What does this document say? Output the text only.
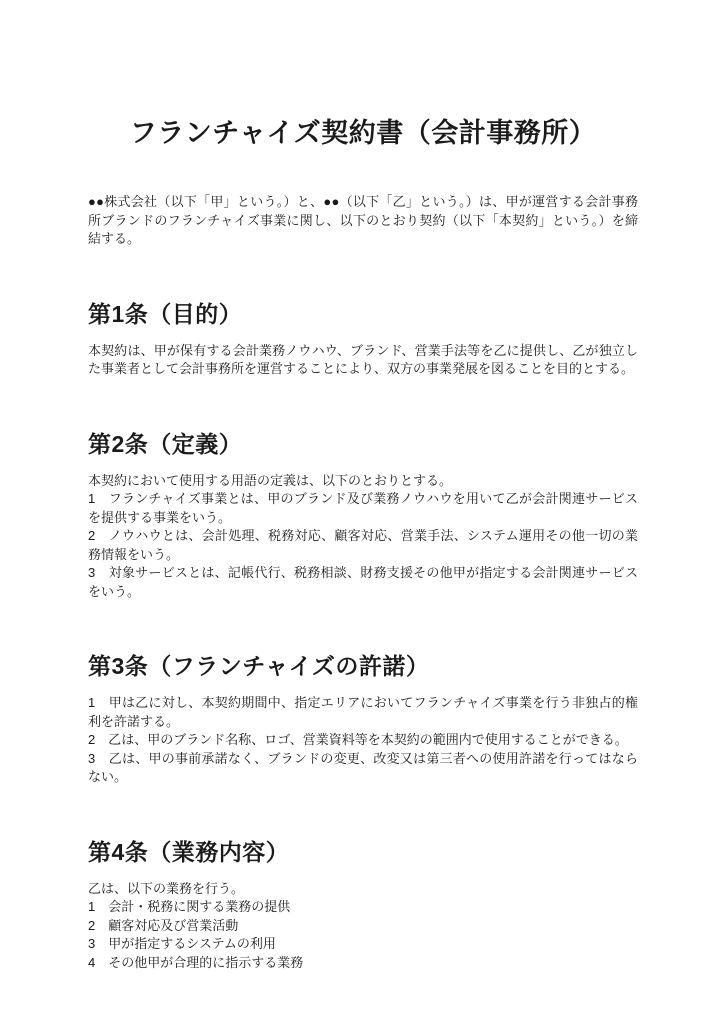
フランチャイズ契約書（会計事務所）

●●株式会社（以下「甲」という。）と、●●（以下「乙」という。）は、甲が運営する会計事務所ブランドのフランチャイズ事業に関し、以下のとおり契約（以下「本契約」という。）を締結する。

第1条（目的）

本契約は、甲が保有する会計業務ノウハウ、ブランド、営業手法等を乙に提供し、乙が独立した事業者として会計事務所を運営することにより、双方の事業発展を図ることを目的とする。

第2条（定義）

本契約において使用する用語の定義は、以下のとおりとする。

1　フランチャイズ事業とは、甲のブランド及び業務ノウハウを用いて乙が会計関連サービスを提供する事業をいう。

2　ノウハウとは、会計処理、税務対応、顧客対応、営業手法、システム運用その他一切の業務情報をいう。

3　対象サービスとは、記帳代行、税務相談、財務支援その他甲が指定する会計関連サービスをいう。

第3条（フランチャイズの許諾）

1　甲は乙に対し、本契約期間中、指定エリアにおいてフランチャイズ事業を行う非独占的権利を許諾する。

2　乙は、甲のブランド名称、ロゴ、営業資料等を本契約の範囲内で使用することができる。

3　乙は、甲の事前承諾なく、ブランドの変更、改変又は第三者への使用許諾を行ってはならない。

第4条（業務内容）

乙は、以下の業務を行う。

1　会計・税務に関する業務の提供

2　顧客対応及び営業活動

3　甲が指定するシステムの利用

4　その他甲が合理的に指示する業務
